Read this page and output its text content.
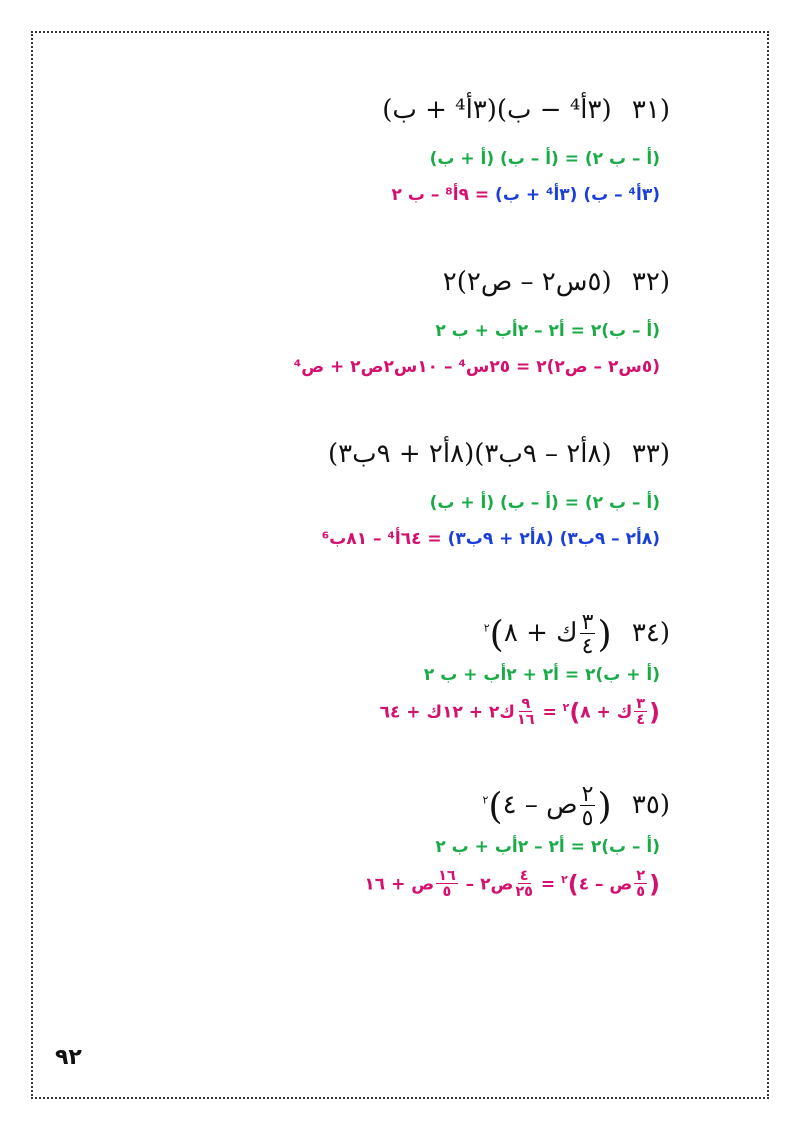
(٣١ (٣أ⁴ − ب)(٣أ⁴ + ب)
(أ – ب ٢) = (أ – ب) (أ + ب)
(٣أ⁴ – ب) (٣أ⁴ + ب) = ٩أ⁸ – ب ٢
(٣٢ (٥س٢ – ص٢)٢
(أ – ب)٢ = أ٢ – ٢أب + ب ٢
(٥س٢ – ص٢)٢ = ٢٥س⁴ – ١٠س٢ص٢ + ص⁴
(٣٣ (٨أ٢ – ٩ب٣)(٨أ٢ + ٩ب٣)
(أ – ب ٢) = (أ – ب) (أ + ب)
(٨أ٢ – ٩ب٣) (٨أ٢ + ٩ب٣) = ٦٤أ⁴ – ٨١ب⁶
(٣٤ (
$\frac{٣}{٤}$
ك + ٨)$^٢$
(أ + ب)٢ = أ٢ + ٢أب + ب ٢
(
$\frac{٣}{٤}$
ك + ٨)$^٢$ =
$\frac{٩}{١٦}$
ك٢ + ١٢ك + ٦٤
(٣٥ (
$\frac{٢}{٥}$
ص – ٤)$^٢$
(أ – ب)٢ = أ٢ – ٢أب + ب ٢
(
$\frac{٢}{٥}$
ص – ٤)$^٢$ =
$\frac{٤}{٢٥}$
ص٢ –
$\frac{١٦}{٥}$
ص + ١٦
٩٢
